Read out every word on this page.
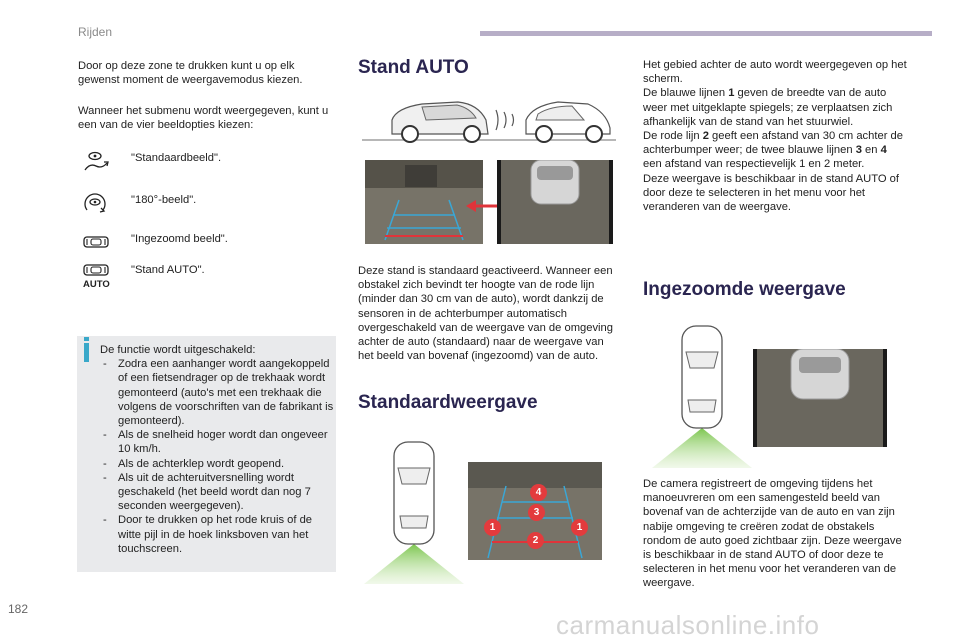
Rijden
Door op deze zone te drukken kunt u op elk gewenst moment de weergavemodus kiezen.
Wanneer het submenu wordt weergegeven, kunt u een van de vier beeldopties kiezen:
"Standaardbeeld".
"180°-beeld".
"Ingezoomd beeld".
AUTO
"Stand AUTO".
De functie wordt uitgeschakeld:
- Zodra een aanhanger wordt aangekoppeld of een fietsendrager op de trekhaak wordt gemonteerd (auto's met een trekhaak die volgens de voorschriften van de fabrikant is gemonteerd).
- Als de snelheid hoger wordt dan ongeveer 10 km/h.
- Als de achterklep wordt geopend.
- Als uit de achteruitversnelling wordt geschakeld (het beeld wordt dan nog 7 seconden weergegeven).
- Door te drukken op het rode kruis of de witte pijl in de hoek linksboven van het touchscreen.
182
Stand AUTO
Deze stand is standaard geactiveerd. Wanneer een obstakel zich bevindt ter hoogte van de rode lijn (minder dan 30 cm van de auto), wordt dankzij de sensoren in de achterbumper automatisch overgeschakeld van de weergave van de omgeving achter de auto (standaard) naar de weergave van het beeld van bovenaf (ingezoomd) van de auto.
Standaardweergave
4
3
1	1
2
Het gebied achter de auto wordt weergegeven op het scherm.
De blauwe lijnen 1 geven de breedte van de auto weer met uitgeklapte spiegels; ze verplaatsen zich afhankelijk van de stand van het stuurwiel.
De rode lijn 2 geeft een afstand van 30 cm achter de achterbumper weer; de twee blauwe lijnen 3 en 4 een afstand van respectievelijk 1 en 2 meter.
Deze weergave is beschikbaar in de stand AUTO of door deze te selecteren in het menu voor het veranderen van de weergave.
Ingezoomde weergave
De camera registreert de omgeving tijdens het manoeuvreren om een samengesteld beeld van bovenaf van de achterzijde van de auto en van zijn nabije omgeving te creëren zodat de obstakels rondom de auto goed zichtbaar zijn. Deze weergave is beschikbaar in de stand AUTO of door deze te selecteren in het menu voor het veranderen van de weergave.
carmanualsonline.info
